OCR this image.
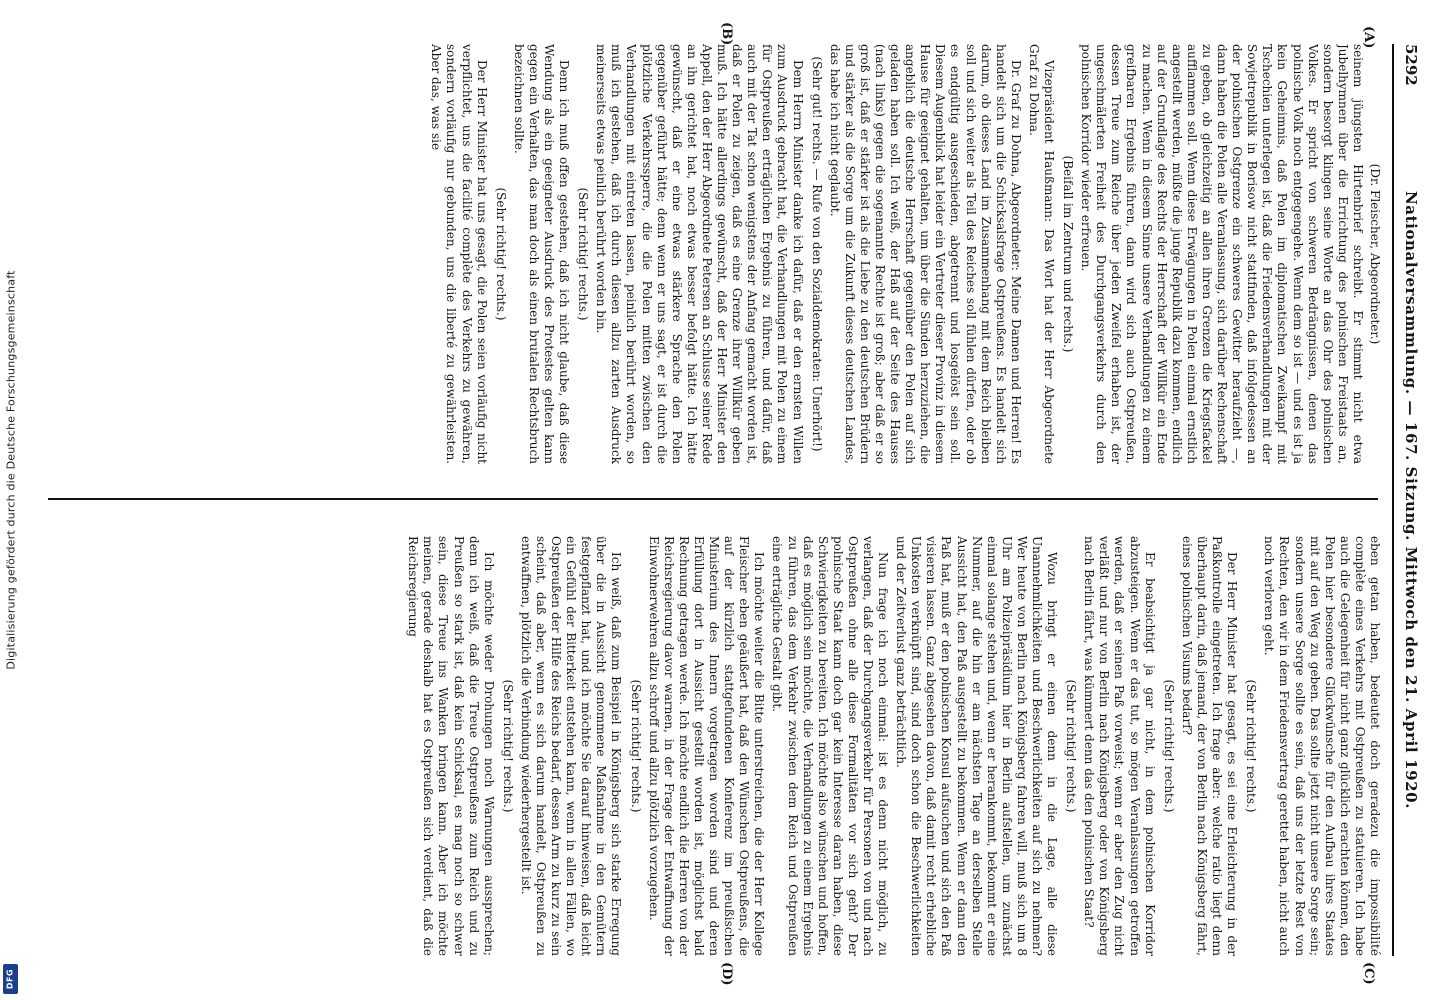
Digitalisierung gefördert durch die Deutsche Forschungsgemeinschaft
DFG
5292
Nationalversammlung. — 167. Sitzung. Mittwoch den 21. April 1920.
(A)
(B)
(C)
(D)

(Dr. Fleischer, Abgeordneter.)

seinem jüngsten Hirtenbrief schreibt. Er stimmt nicht etwa Jubelhymnen über die Errichtung des polnischen Freistaats an, sondern besorgt klingen seine Worte an das Ohr des polnischen Volkes. Er spricht von schweren Bedrängnissen, denen das polnische Volk noch entgegengehe. Wenn dem so ist — und es ist ja kein Geheimnis, daß Polen im diplomatischen Zweikampf mit Tschechien unterlegen ist, daß die Friedensverhandlungen mit der Sowjetrepublik in Borisow nicht stattfinden, daß infolgedessen an der polnischen Ostgrenze ein schweres Gewitter heraufzieht —, dann haben die Polen alle Veranlassung, sich darüber Rechenschaft zu geben, ob gleichzeitig an allen ihren Grenzen die Kriegsfackel aufflammen soll. Wenn diese Erwägungen in Polen einmal ernstlich angestellt werden, müßte die junge Republik dazu kommen, endlich auf der Grundlage des Rechts der Herrschaft der Willkür ein Ende zu machen. Wenn in diesem Sinne unsere Verhandlungen zu einem greifbaren Ergebnis führen, dann wird sich auch Ostpreußen, dessen Treue zum Reiche über jeden Zweifel erhaben ist, der ungeschmälerten Freiheit des Durchgangsverkehrs durch den polnischen Korridor wieder erfreuen.

(Beifall im Zentrum und rechts.)

Vizepräsident Haußmann: Das Wort hat der Herr Abgeordnete Graf zu Dohna.

Dr. Graf zu Dohna, Abgeordneter: Meine Damen und Herren! Es handelt sich um die Schicksalsfrage Ostpreußens. Es handelt sich darum, ob dieses Land im Zusammenhang mit dem Reich bleiben soll und sich weiter als Teil des Reiches soll fühlen dürfen, oder ob es endgültig ausgeschieden, abgetrennt und losgelöst sein soll. Diesem Augenblick hat leider ein Vertreter dieser Provinz in diesem Hause für geeignet gehalten, um über die Sünden herzuziehen, die angeblich die deutsche Herrschaft gegenüber den Polen auf sich geladen haben soll. Ich weiß, der Haß auf der Seite des Hauses (nach links) gegen die sogenannte Rechte ist groß; aber daß er so groß ist, daß er stärker ist als die Liebe zu den deutschen Brüdern und stärker als die Sorge um die Zukunft dieses deutschen Landes, das habe ich nicht geglaubt.

(Sehr gut! rechts. — Rufe von den Sozialdemokraten: Unerhört!)

Dem Herrn Minister danke ich dafür, daß er den ernsten Willen zum Ausdruck gebracht hat, die Verhandlungen mit Polen zu einem für Ostpreußen erträglichen Ergebnis zu führen, und dafür, daß auch mit der Tat schon wenigstens der Anfang gemacht worden ist, daß er Polen zu zeigen, daß es eine Grenze ihrer Willkür geben muß. Ich hätte allerdings gewünscht, daß der Herr Minister den Appell, den der Herr Abgeordnete Petersen an Schlusse seiner Rede an ihn gerichtet hat, noch etwas besser befolgt hätte. Ich hätte gewünscht, daß er eine etwas stärkere Sprache den Polen gegenüber geführt hätte; denn wenn er uns sagt, er ist durch die plötzliche Verkehrssperre, die die Polen mitten zwischen den Verhandlungen mit eintreten lassen, peinlich berührt worden, so muß ich gestehen, daß ich durch diesen allzu zarten Ausdruck meinerseits etwas peinlich berührt worden bin.

(Sehr richtig! rechts.)

Denn ich muß offen gestehen, daß ich nicht glaube, daß diese Wendung als ein geeigneter Ausdruck des Protestes gelten kann gegen ein Verhalten, das man doch als einen brutalen Rechtsbruch bezeichnen sollte.

(Sehr richtig! rechts.)

Der Herr Minister hat uns gesagt, die Polen seien vorläufig nicht verpflichtet, uns die facilité complète des Verkehrs zu gewähren, sondern vorläufig nur gebunden, uns die liberté zu gewährleisten. Aber das, was sie

eben getan haben, bedeutet doch geradezu die impossibilité complète eines Verkehrs mit Ostpreußen zu statuieren. Ich habe auch die Gelegenheit für nicht ganz glücklich erachten können, den Polen hier besondere Glückwünsche für den Aufbau ihres Staates mit auf den Weg zu geben. Das sollte jetzt nicht unsere Sorge sein; sondern unsere Sorge sollte es sein, daß uns der letzte Rest von Rechten, den wir in dem Friedensvertrag gerettet haben, nicht auch noch verloren geht.

(Sehr richtig! rechts.)

Der Herr Minister hat gesagt, es sei eine Erleichterung in der Paßkontrolle eingetreten. Ich frage aber: welche ratio liegt denn überhaupt darin, daß jemand, der von Berlin nach Königsberg fährt, eines polnischen Visums bedarf?

(Sehr richtig! rechts.)

Er beabsichtigt ja gar nicht, in dem polnischen Korridor abzusteigen. Wenn er das tut, so mögen Veranlassungen getroffen werden, daß er seinen Paß vorweist; wenn er aber den Zug nicht verläßt und nur von Berlin nach Königsberg oder von Königsberg nach Berlin fährt, was kümmert denn das den polnischen Staat?

(Sehr richtig! rechts.)

Wozu bringt er einen denn in die Lage, alle diese Unannehmlichkeiten und Beschwerlichkeiten auf sich zu nehmen? Wer heute von Berlin nach Königsberg fahren will, muß sich um 8 Uhr am Polizeipräsidium hier in Berlin aufstellen, um zunächst einmal solange stehen und, wenn er herankommt, bekommt er eine Nummer, auf die hin er am nächsten Tage an derselben Stelle Aussicht hat, den Paß ausgestellt zu bekommen. Wenn er dann den Paß hat, muß er den polnischen Konsul aufsuchen und sich den Paß visieren lassen. Ganz abgesehen davon, daß damit recht erhebliche Unkosten verknüpft sind, sind doch schon die Beschwerlichkeiten und der Zeitverlust ganz beträchtlich.

Nun frage ich noch einmal: ist es denn nicht möglich, zu verlangen, daß der Durchgangsverkehr für Personen von und nach Ostpreußen ohne alle diese Formalitäten vor sich geht? Der polnische Staat kann doch gar kein Interesse daran haben, diese Schwierigkeiten zu bereiten. Ich möchte also wünschen und hoffen, daß es möglich sein möchte, die Verhandlungen zu einem Ergebnis zu führen, das dem Verkehr zwischen dem Reich und Ostpreußen eine erträgliche Gestalt gibt.

Ich möchte weiter die Bitte unterstreichen, die der Herr Kollege Fleischer eben geäußert hat, daß den Wünschen Ostpreußens, die auf der kürzlich stattgefundenen Konferenz im preußischen Ministerium des Innern vorgetragen worden sind und deren Erfüllung dort in Aussicht gestellt worden ist, möglichst bald Rechnung getragen werde. Ich möchte endlich die Herren von der Reichsregierung davor warnen, in der Frage der Entwaffnung der Einwohnerwehren allzu schroff und allzu plötzlich vorzugehen.

(Sehr richtig! rechts.)

Ich weiß, daß zum Beispiel in Königsberg sich starke Erregung über die in Aussicht genommene Maßnahme in den Gemütern festgepflanzt hat, und ich möchte Sie darauf hinweisen, daß leicht ein Gefühl der Bitterkeit entstehen kann, wenn in allen Fällen, wo Ostpreußen der Hilfe des Reichs bedarf, dessen Arm zu kurz zu sein scheint, daß aber, wenn es sich darum handelt, Ostpreußen zu entwaffnen, plötzlich die Verbindung wiederhergestellt ist.

(Sehr richtig! rechts.)

Ich möchte weder Drohungen noch Warnungen aussprechen; denn ich weiß, daß die Treue Ostpreußens zum Reich und zu Preußen so stark ist, daß kein Schicksal, es mag noch so schwer sein, diese Treue ins Wanken bringen kann. Aber ich möchte meinen, gerade deshalb hat es Ostpreußen sich verdient, daß die Reichsregierung
